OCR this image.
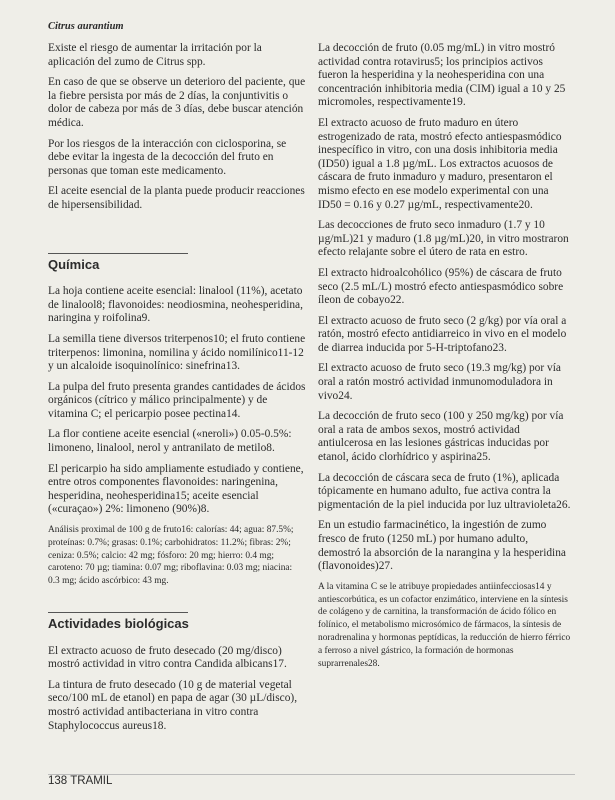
Citrus aurantium

Existe el riesgo de aumentar la irritación por la aplicación del zumo de Citrus spp.

En caso de que se observe un deterioro del paciente, que la fiebre persista por más de 2 días, la conjuntivitis o dolor de cabeza por más de 3 días, debe buscar atención médica.

Por los riesgos de la interacción con ciclosporina, se debe evitar la ingesta de la decocción del fruto en personas que toman este medicamento.

El aceite esencial de la planta puede producir reacciones de hipersensibilidad.

Química

La hoja contiene aceite esencial: linalool (11%), acetato de linalool8; flavonoides: neodiosmina, neohesperidina, naringina y roifolina9.

La semilla tiene diversos triterpenos10; el fruto contiene triterpenos: limonina, nomilina y ácido nomilínico11-12 y un alcaloide isoquinolínico: sinefrina13.

La pulpa del fruto presenta grandes cantidades de ácidos orgánicos (cítrico y málico principalmente) y de vitamina C; el pericarpio posee pectina14.

La flor contiene aceite esencial («neroli») 0.05-0.5%: limoneno, linalool, nerol y antranilato de metilo8.

El pericarpio ha sido ampliamente estudiado y contiene, entre otros componentes flavonoides: naringenina, hesperidina, neohesperidina15; aceite esencial («curaçao») 2%: limoneno (90%)8.

Análisis proximal de 100 g de fruto16: calorías: 44; agua: 87.5%; proteínas: 0.7%; grasas: 0.1%; carbohidratos: 11.2%; fibras: 2%; ceniza: 0.5%; calcio: 42 mg; fósforo: 20 mg; hierro: 0.4 mg; caroteno: 70 µg; tiamina: 0.07 mg; riboflavina: 0.03 mg; niacina: 0.3 mg; ácido ascórbico: 43 mg.

Actividades biológicas

El extracto acuoso de fruto desecado (20 mg/disco) mostró actividad in vitro contra Candida albicans17.

La tintura de fruto desecado (10 g de material vegetal seco/100 mL de etanol) en papa de agar (30 µL/disco), mostró actividad antibacteriana in vitro contra Staphylococcus aureus18.

La decocción de fruto (0.05 mg/mL) in vitro mostró actividad contra rotavirus5; los principios activos fueron la hesperidina y la neohesperidina con una concentración inhibitoria media (CIM) igual a 10 y 25 micromoles, respectivamente19.

El extracto acuoso de fruto maduro en útero estrogenizado de rata, mostró efecto antiespasmódico inespecífico in vitro, con una dosis inhibitoria media (ID50) igual a 1.8 µg/mL. Los extractos acuosos de cáscara de fruto inmaduro y maduro, presentaron el mismo efecto en ese modelo experimental con una ID50 = 0.16 y 0.27 µg/mL, respectivamente20.

Las decocciones de fruto seco inmaduro (1.7 y 10 µg/mL)21 y maduro (1.8 µg/mL)20, in vitro mostraron efecto relajante sobre el útero de rata en estro.

El extracto hidroalcohólico (95%) de cáscara de fruto seco (2.5 mL/L) mostró efecto antiespasmódico sobre íleon de cobayo22.

El extracto acuoso de fruto seco (2 g/kg) por vía oral a ratón, mostró efecto antidiarreico in vivo en el modelo de diarrea inducida por 5-H-triptofano23.

El extracto acuoso de fruto seco (19.3 mg/kg) por vía oral a ratón mostró actividad inmunomoduladora in vivo24.

La decocción de fruto seco (100 y 250 mg/kg) por vía oral a rata de ambos sexos, mostró actividad antiulcerosa en las lesiones gástricas inducidas por etanol, ácido clorhídrico y aspirina25.

La decocción de cáscara seca de fruto (1%), aplicada tópicamente en humano adulto, fue activa contra la pigmentación de la piel inducida por luz ultravioleta26.

En un estudio farmacinético, la ingestión de zumo fresco de fruto (1250 mL) por humano adulto, demostró la absorción de la narangina y la hesperidina (flavonoides)27.

A la vitamina C se le atribuye propiedades antiinfecciosas14 y antiescorbútica, es un cofactor enzimático, interviene en la síntesis de colágeno y de carnitina, la transformación de ácido fólico en folínico, el metabolismo microsómico de fármacos, la síntesis de noradrenalina y hormonas peptídicas, la reducción de hierro férrico a ferroso a nivel gástrico, la formación de hormonas suprarrenales28.

138 TRAMIL
